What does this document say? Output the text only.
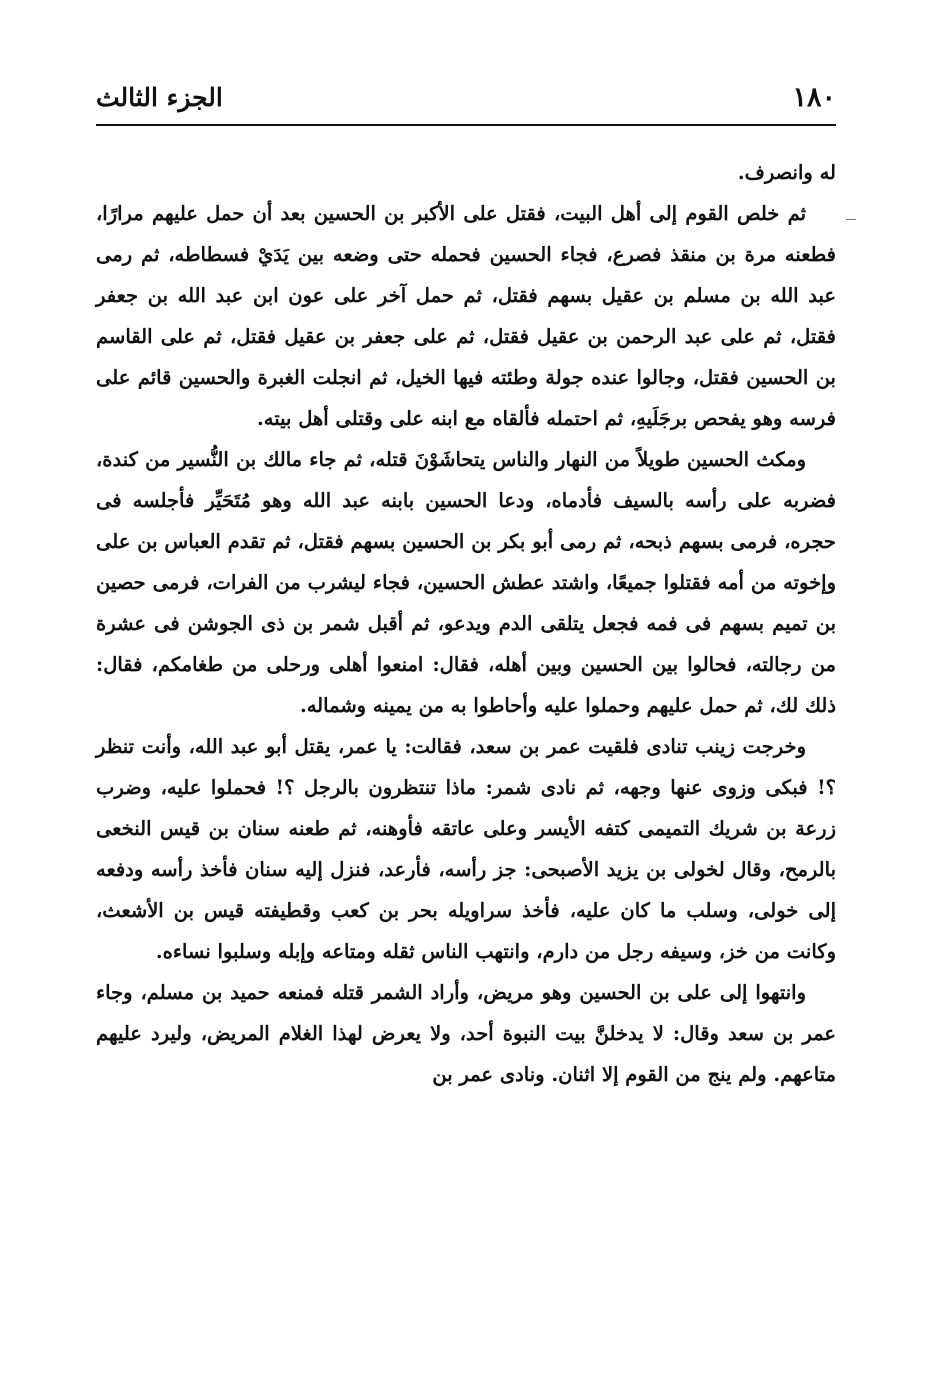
١٨٠
الجزء الثالث

له وانصرف.

ثم خلص القوم إلى أهل البيت، فقتل على الأكبر بن الحسين بعد أن حمل عليهم مرارًا، فطعنه مرة بن منقذ فصرع، فجاء الحسين فحمله حتى وضعه بين يَدَيْ فسطاطه، ثم رمى عبد الله بن مسلم بن عقيل بسهم فقتل، ثم حمل آخر على عون ابن عبد الله بن جعفر فقتل، ثم على عبد الرحمن بن عقيل فقتل، ثم على جعفر بن عقيل فقتل، ثم على القاسم بن الحسين فقتل، وجالوا عنده جولة وطئته فيها الخيل، ثم انجلت الغبرة والحسين قائم على فرسه وهو يفحص برجَلَيهِ، ثم احتمله فألقاه مع ابنه على وقتلى أهل بيته.

ومكث الحسين طويلاً من النهار والناس يتحاشَوْنَ قتله، ثم جاء مالك بن النُّسير من كندة، فضربه على رأسه بالسيف فأدماه، ودعا الحسين بابنه عبد الله وهو مُتَحَيِّر فأجلسه فى حجره، فرمى بسهم ذبحه، ثم رمى أبو بكر بن الحسين بسهم فقتل، ثم تقدم العباس بن على وإخوته من أمه فقتلوا جميعًا، واشتد عطش الحسين، فجاء ليشرب من الفرات، فرمى حصين بن تميم بسهم فى فمه فجعل يتلقى الدم ويدعو، ثم أقبل شمر بن ذى الجوشن فى عشرة من رجالته، فحالوا بين الحسين وبين أهله، فقال: امنعوا أهلى ورحلى من طغامكم، فقال: ذلك لك، ثم حمل عليهم وحملوا عليه وأحاطوا به من يمينه وشماله.

وخرجت زينب تنادى فلقيت عمر بن سعد، فقالت: يا عمر، يقتل أبو عبد الله، وأنت تنظر ؟! فبكى وزوى عنها وجهه، ثم نادى شمر: ماذا تنتظرون بالرجل ؟! فحملوا عليه، وضرب زرعة بن شريك التميمى كتفه الأيسر وعلى عاتقه فأوهنه، ثم طعنه سنان بن قيس النخعى بالرمح، وقال لخولى بن يزيد الأصبحى: جز رأسه، فأرعد، فنزل إليه سنان فأخذ رأسه ودفعه إلى خولى، وسلب ما كان عليه، فأخذ سراويله بحر بن كعب وقطيفته قيس بن الأشعث، وكانت من خز، وسيفه رجل من دارم، وانتهب الناس ثقله ومتاعه وإبله وسلبوا نساءه.

وانتهوا إلى على بن الحسين وهو مريض، وأراد الشمر قتله فمنعه حميد بن مسلم، وجاء عمر بن سعد وقال: لا يدخلنَّ بيت النبوة أحد، ولا يعرض لهذا الغلام المريض، وليرد عليهم متاعهم. ولم ينج من القوم إلا اثنان. ونادى عمر بن
